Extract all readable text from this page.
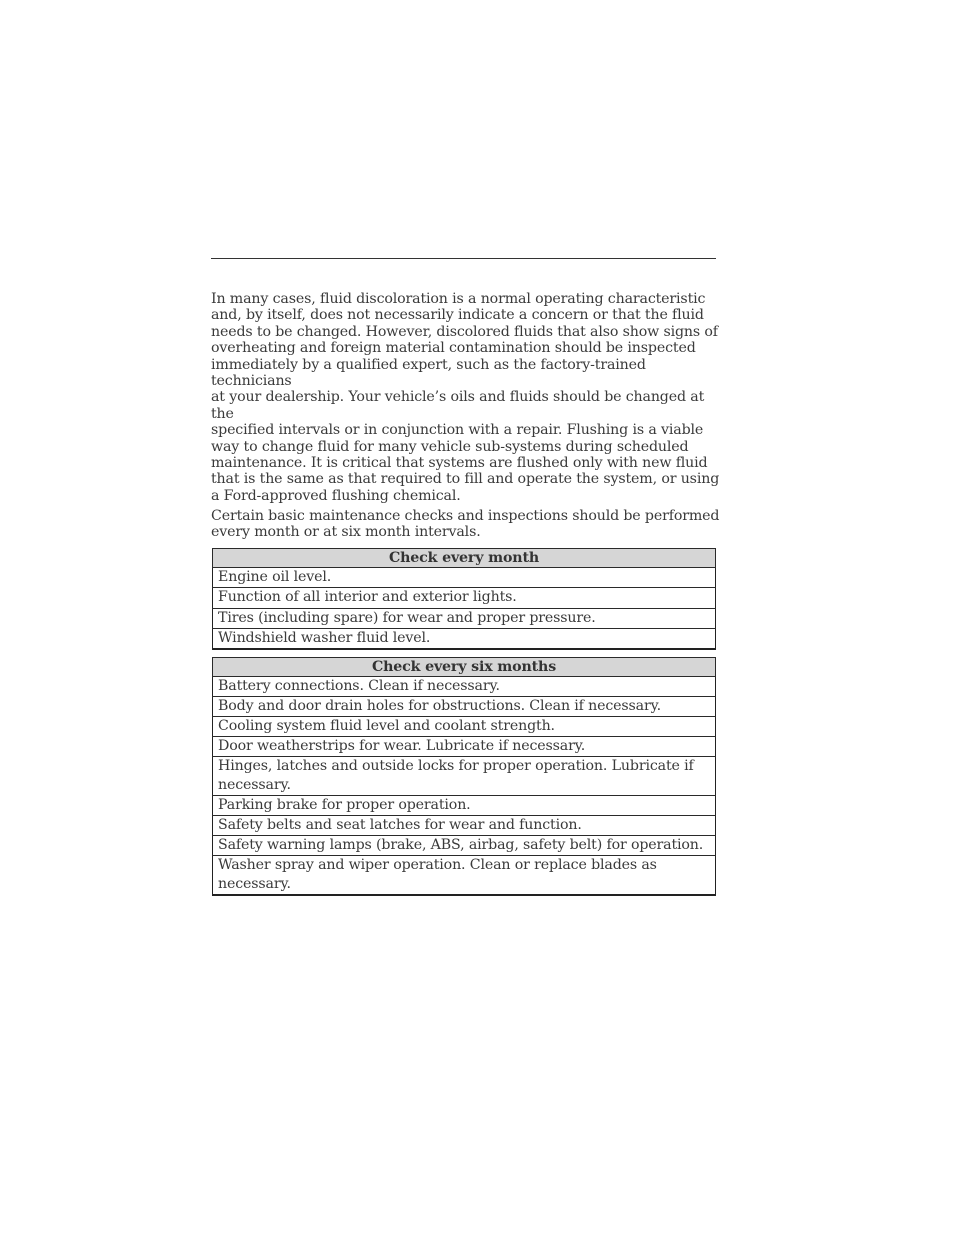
In many cases, fluid discoloration is a normal operating characteristic
and, by itself, does not necessarily indicate a concern or that the fluid
needs to be changed. However, discolored fluids that also show signs of
overheating and foreign material contamination should be inspected
immediately by a qualified expert, such as the factory-trained technicians
at your dealership. Your vehicle’s oils and fluids should be changed at the
specified intervals or in conjunction with a repair. Flushing is a viable
way to change fluid for many vehicle sub-systems during scheduled
maintenance. It is critical that systems are flushed only with new fluid
that is the same as that required to fill and operate the system, or using
a Ford-approved flushing chemical.

Certain basic maintenance checks and inspections should be performed
every month or at six month intervals.

Check every month
Engine oil level.
Function of all interior and exterior lights.
Tires (including spare) for wear and proper pressure.
Windshield washer fluid level.
Check every six months
Battery connections. Clean if necessary.
Body and door drain holes for obstructions. Clean if necessary.
Cooling system fluid level and coolant strength.
Door weatherstrips for wear. Lubricate if necessary.
Hinges, latches and outside locks for proper operation. Lubricate if necessary.
Parking brake for proper operation.
Safety belts and seat latches for wear and function.
Safety warning lamps (brake, ABS, airbag, safety belt) for operation.
Washer spray and wiper operation. Clean or replace blades as necessary.
